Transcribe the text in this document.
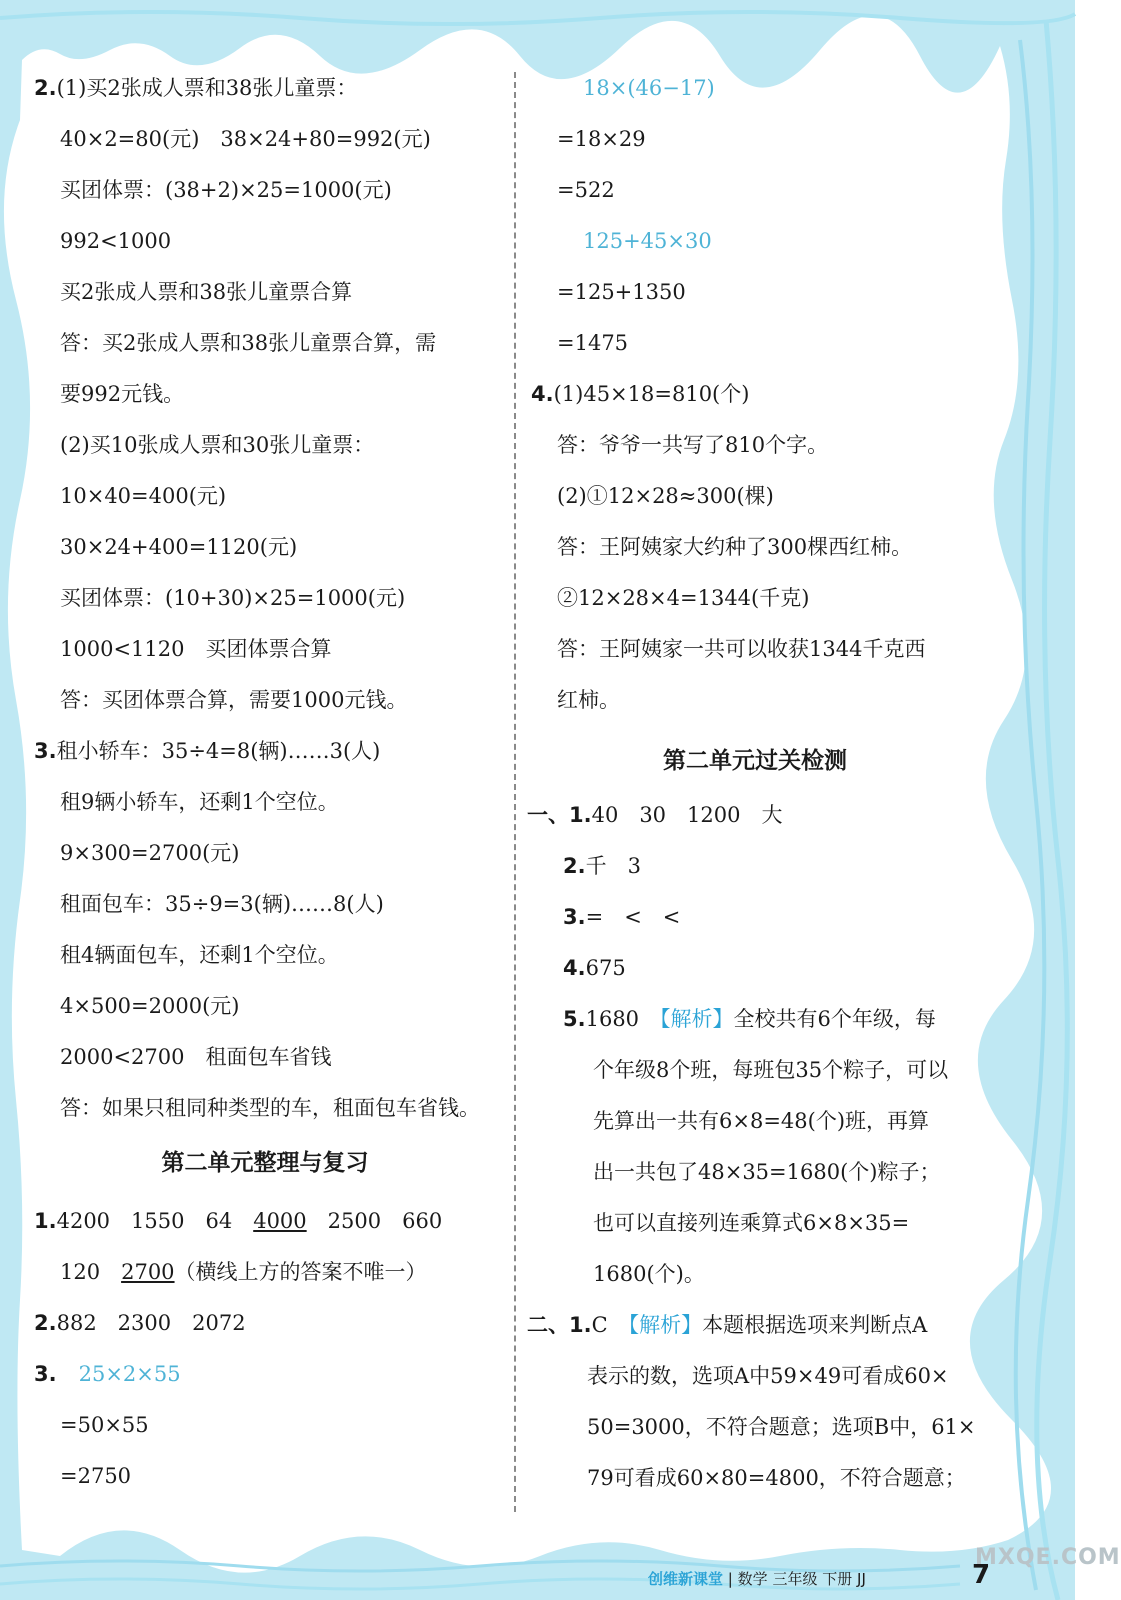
2.(1)买2张成人票和38张儿童票：
40×2=80(元)　38×24+80=992(元)
买团体票：(38+2)×25=1000(元)
992<1000
买2张成人票和38张儿童票合算
答：买2张成人票和38张儿童票合算，需
要992元钱。
(2)买10张成人票和30张儿童票：
10×40=400(元)
30×24+400=1120(元)
买团体票：(10+30)×25=1000(元)
1000<1120　买团体票合算
答：买团体票合算，需要1000元钱。
3.租小轿车：35÷4=8(辆)……3(人)
租9辆小轿车，还剩1个空位。
9×300=2700(元)
租面包车：35÷9=3(辆)……8(人)
租4辆面包车，还剩1个空位。
4×500=2000(元)
2000<2700　租面包车省钱
答：如果只租同种类型的车，租面包车省钱。
第二单元整理与复习
1.4200　1550　64　4000　2500　660
120　2700（横线上方的答案不唯一）
2.882　2300　2072
3. 25×2×55
=50×55
=2750
18×(46−17)
=18×29
=522
125+45×30
=125+1350
=1475
4.(1)45×18=810(个)
答：爷爷一共写了810个字。
(2)①12×28≈300(棵)
答：王阿姨家大约种了300棵西红柿。
②12×28×4=1344(千克)
答：王阿姨家一共可以收获1344千克西
红柿。
第二单元过关检测
一、1.40　30　1200　大
2.千　3
3.=　<　<
4.675
5.1680　 【解析】全校共有6个年级，每
个年级8个班，每班包35个粽子，可以
先算出一共有6×8=48(个)班，再算
出一共包了48×35=1680(个)粽子；
也可以直接列连乘算式6×8×35=
1680(个)。
二、1.C　 【解析】本题根据选项来判断点A
表示的数，选项A中59×49可看成60×
50=3000，不符合题意；选项B中，61×
79可看成60×80=4800，不符合题意；
创维新课堂 | 数学 三年级 下册 JJ
MXQE.COM
7
